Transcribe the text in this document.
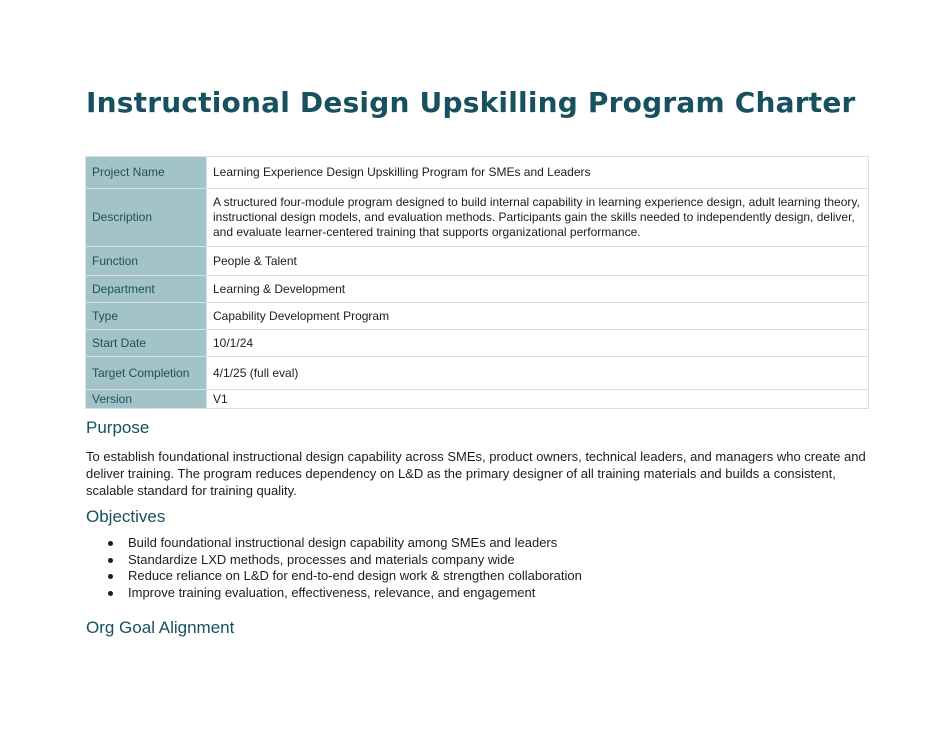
Instructional Design Upskilling Program Charter
Project Name	Learning Experience Design Upskilling Program for SMEs and Leaders
Description	A structured four-module program designed to build internal capability in learning experience design, adult learning theory, instructional design models, and evaluation methods. Participants gain the skills needed to independently design, deliver, and evaluate learner-centered training that supports organizational performance.
Function	People & Talent
Department	Learning & Development
Type	Capability Development Program
Start Date	10/1/24
Target Completion	4/1/25 (full eval)
Version	V1
Purpose

To establish foundational instructional design capability across SMEs, product owners, technical leaders, and managers who create and deliver training. The program reduces dependency on L&D as the primary designer of all training materials and builds a consistent, scalable standard for training quality.

Objectives
Build foundational instructional design capability among SMEs and leaders
Standardize LXD methods, processes and materials company wide
Reduce reliance on L&D for end-to-end design work & strengthen collaboration
Improve training evaluation, effectiveness, relevance, and engagement
Org Goal Alignment
